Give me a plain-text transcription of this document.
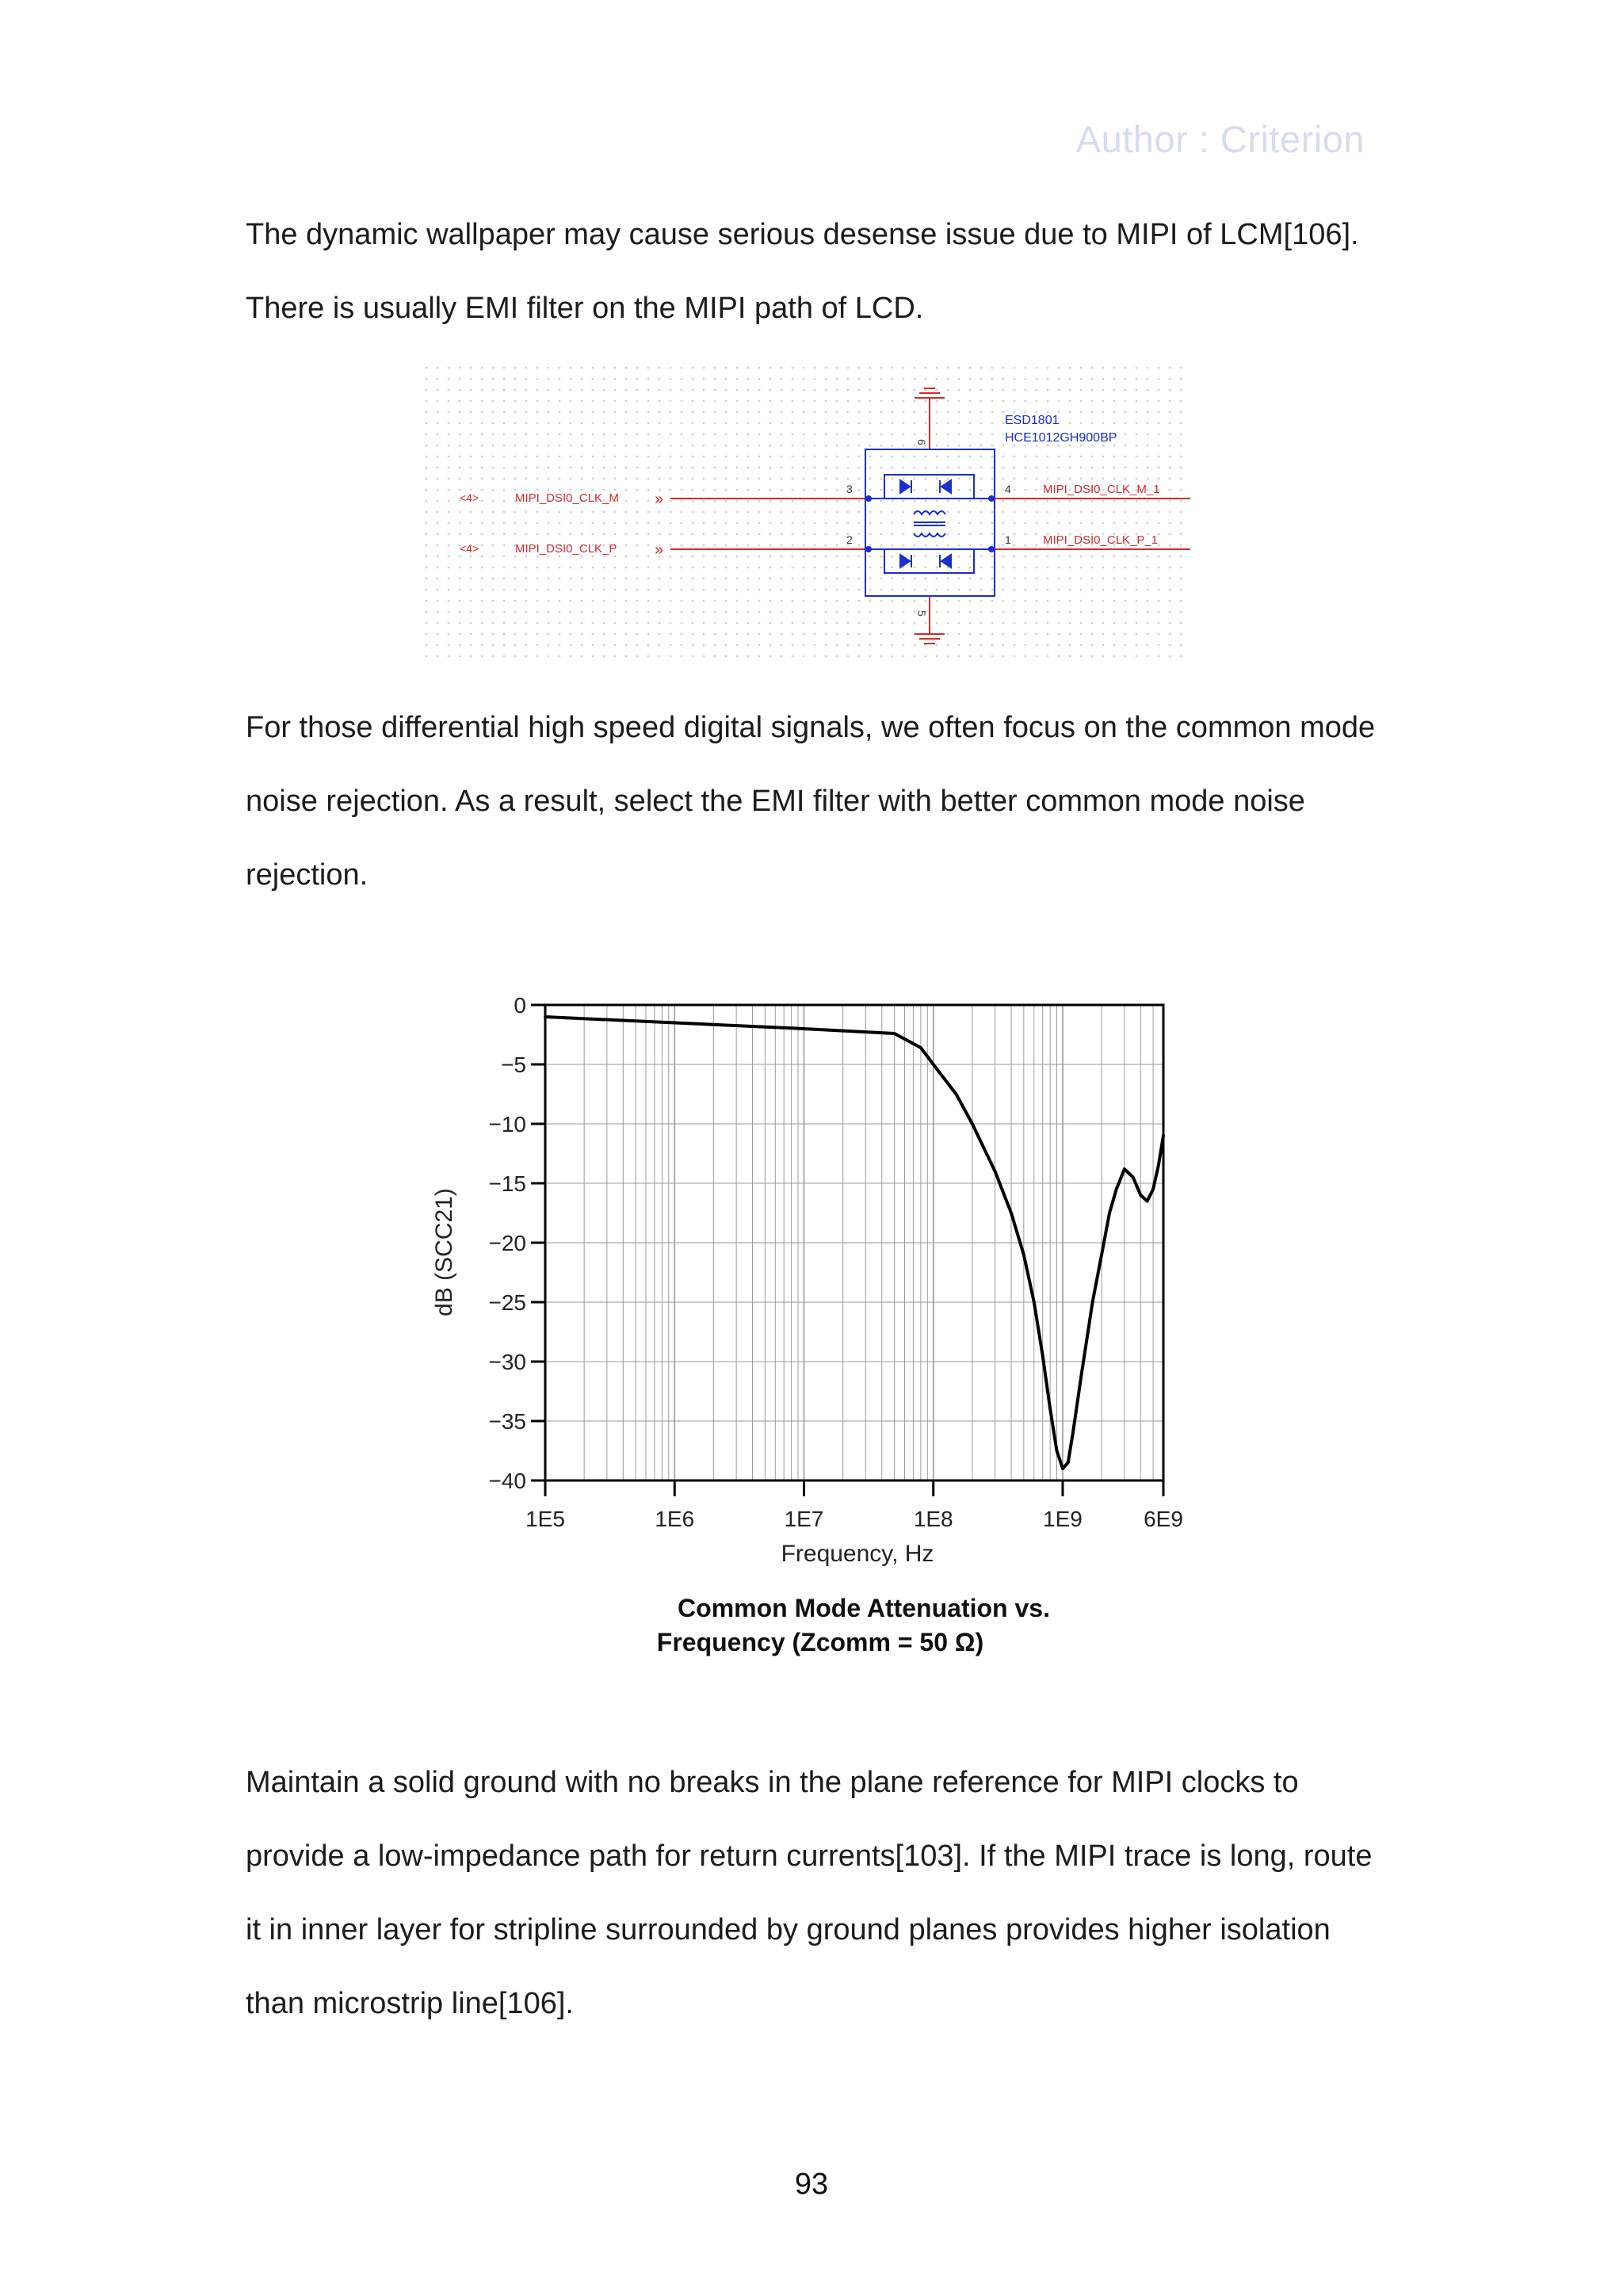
Author : Criterion

The dynamic wallpaper may cause serious desense issue due to MIPI of LCM[106]. There is usually EMI filter on the MIPI path of LCD.

ESD1801
HCE1012GH900BP
6
5
<4>	MIPI_DSI0_CLK_M »
3
<4>	MIPI_DSI0_CLK_P »
2
4	MIPI_DSI0_CLK_M_1
1	MIPI_DSI0_CLK_P_1

For those differential high speed digital signals, we often focus on the common mode noise rejection. As a result, select the EMI filter with better common mode noise rejection.

0
−5
−10
−15
−20
−25
−30
−35
−40
1E5	1E6	1E7	1E8	1E9	6E9
Frequency, Hz
dB (SCC21)
Common Mode Attenuation vs.
Frequency (Zcomm = 50 Ω)

Maintain a solid ground with no breaks in the plane reference for MIPI clocks to provide a low-impedance path for return currents[103]. If the MIPI trace is long, route it in inner layer for stripline surrounded by ground planes provides higher isolation than microstrip line[106].

93
